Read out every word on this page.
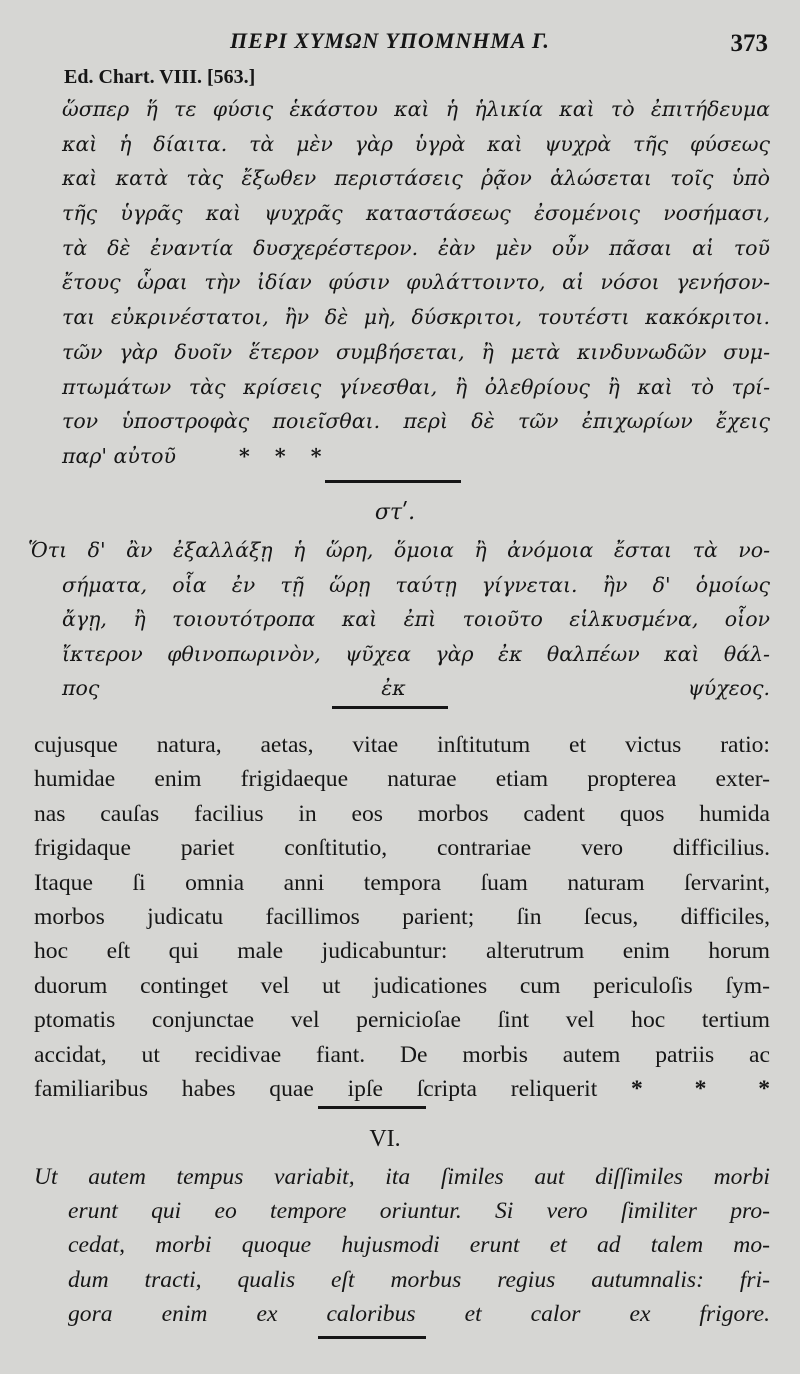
ΠΕΡΙ ΧΥΜΩΝ ΥΠΟΜΝΗΜΑ Γ.	373
Ed. Chart. VIII. [563.]
ὥσπερ ἥ τε φύσις ἑκάστου καὶ ἡ ἡλικία καὶ τὸ ἐπιτήδευμα
καὶ ἡ δίαιτα. τὰ μὲν γὰρ ὑγρὰ καὶ ψυχρὰ τῆς φύσεως
καὶ κατὰ τὰς ἔξωθεν περιστάσεις ῥᾷον ἁλώσεται τοῖς ὑπὸ
τῆς ὑγρᾶς καὶ ψυχρᾶς καταστάσεως ἐσομένοις νοσήμασι,
τὰ δὲ ἐναντία δυσχερέστερον. ἐὰν μὲν οὖν πᾶσαι αἱ τοῦ
ἔτους ὧραι τὴν ἰδίαν φύσιν φυλάττοιντο, αἱ νόσοι γενήσον-
ται εὐκρινέστατοι, ἢν δὲ μὴ, δύσκριτοι, τουτέστι κακόκριτοι.
τῶν γὰρ δυοῖν ἕτερον συμβήσεται, ἢ μετὰ κινδυνωδῶν συμ-
πτωμάτων τὰς κρίσεις γίνεσθαι, ἢ ὀλεθρίους ἢ καὶ τὸ τρί-
τον ὑποστροφὰς ποιεῖσθαι. περὶ δὲ τῶν ἐπιχωρίων ἔχεις
παρ' αὐτοῦ	* * *
στʹ.
Ὅτι δ' ἂν ἐξαλλάξῃ ἡ ὥρη, ὅμοια ἢ ἀνόμοια ἔσται τὰ νο-
σήματα, οἷα ἐν τῇ ὥρῃ ταύτῃ γίγνεται. ἢν δ' ὁμοίως
ἄγῃ, ἢ τοιουτότροπα καὶ ἐπὶ τοιοῦτο εἱλκυσμένα, οἷον
ἴκτερον φθινοπωρινὸν, ψῦχεα γὰρ ἐκ θαλπέων καὶ θάλ-
πος ἐκ ψύχεος.
cujusque natura, aetas, vitae inſtitutum et victus ratio:
humidae enim frigidaeque naturae etiam propterea exter-
nas cauſas facilius in eos morbos cadent quos humida
frigidaque pariet conſtitutio, contrariae vero difficilius.
Itaque ſi omnia anni tempora ſuam naturam ſervarint,
morbos judicatu facillimos parient; ſin ſecus, difficiles,
hoc eſt qui male judicabuntur: alterutrum enim horum
duorum continget vel ut judicationes cum periculoſis ſym-
ptomatis conjunctae vel pernicioſae ſint vel hoc tertium
accidat, ut recidivae fiant. De morbis autem patriis ac
familiaribus habes quae ipſe ſcripta reliquerit * * *
VI.
Ut autem tempus variabit, ita ſimiles aut diſſimiles morbi
erunt qui eo tempore oriuntur. Si vero ſimiliter pro-
cedat, morbi quoque hujusmodi erunt et ad talem mo-
dum tracti, qualis eſt morbus regius autumnalis: fri-
gora enim ex caloribus et calor ex frigore.
